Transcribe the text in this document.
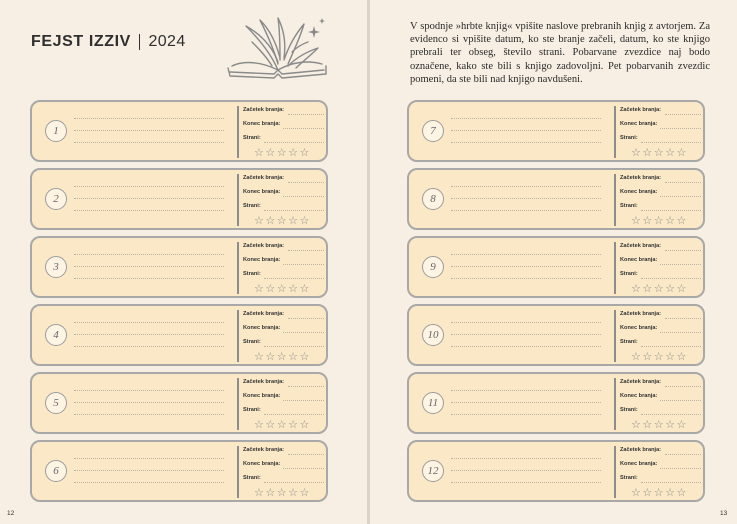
FEJST IZZIV 2024
V spodnje »hrbte knjig« vpišite naslove prebranih knjig z avtorjem. Za evidenco si vpišite datum, ko ste branje začeli, datum, ko ste knjigo prebrali ter obseg, število strani. Pobarvane zvezdice naj bodo označene, kako ste bili s knjigo zadovoljni. Pet pobarvanih zvezdic pomeni, da ste bili nad knjigo navdušeni.
1
Začetek branja:
Konec branja:
Strani:
☆☆☆☆☆
2
Začetek branja:
Konec branja:
Strani:
☆☆☆☆☆
3
Začetek branja:
Konec branja:
Strani:
☆☆☆☆☆
4
Začetek branja:
Konec branja:
Strani:
☆☆☆☆☆
5
Začetek branja:
Konec branja:
Strani:
☆☆☆☆☆
6
Začetek branja:
Konec branja:
Strani:
☆☆☆☆☆
7
Začetek branja:
Konec branja:
Strani:
☆☆☆☆☆
8
Začetek branja:
Konec branja:
Strani:
☆☆☆☆☆
9
Začetek branja:
Konec branja:
Strani:
☆☆☆☆☆
10
Začetek branja:
Konec branja:
Strani:
☆☆☆☆☆
11
Začetek branja:
Konec branja:
Strani:
☆☆☆☆☆
12
Začetek branja:
Konec branja:
Strani:
☆☆☆☆☆
12	13
